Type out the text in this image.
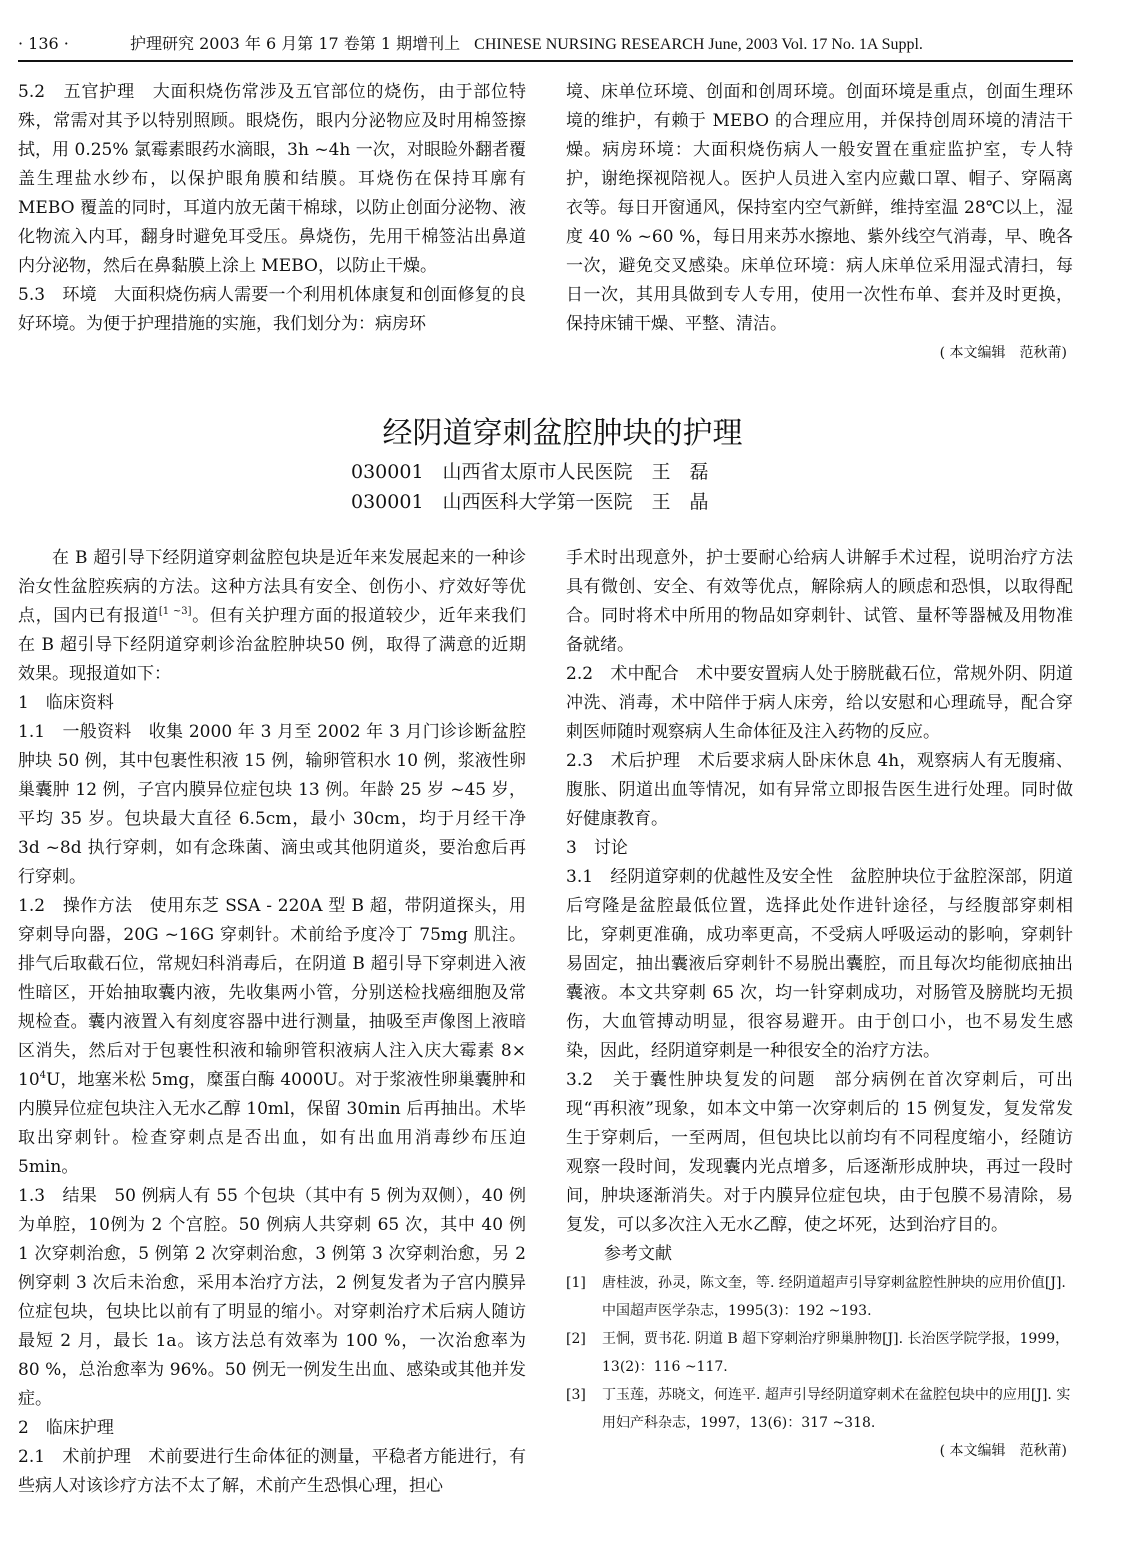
· 136 ·	护理研究 2003 年 6 月第 17 卷第 1 期增刊上 CHINESE NURSING RESEARCH June, 2003 Vol. 17 No. 1A Suppl.

5.2　五官护理　大面积烧伤常涉及五官部位的烧伤，由于部位特殊，常需对其予以特别照顾。眼烧伤，眼内分泌物应及时用棉签擦拭，用 0.25% 氯霉素眼药水滴眼，3h ~4h 一次，对眼睑外翻者覆盖生理盐水纱布，以保护眼角膜和结膜。耳烧伤在保持耳廓有 MEBO 覆盖的同时，耳道内放无菌干棉球，以防止创面分泌物、液化物流入内耳，翻身时避免耳受压。鼻烧伤，先用干棉签沾出鼻道内分泌物，然后在鼻黏膜上涂上 MEBO，以防止干燥。

5.3　环境　大面积烧伤病人需要一个利用机体康复和创面修复的良好环境。为便于护理措施的实施，我们划分为：病房环

境、床单位环境、创面和创周环境。创面环境是重点，创面生理环境的维护，有赖于 MEBO 的合理应用，并保持创周环境的清洁干燥。病房环境：大面积烧伤病人一般安置在重症监护室，专人特护，谢绝探视陪视人。医护人员进入室内应戴口罩、帽子、穿隔离衣等。每日开窗通风，保持室内空气新鲜，维持室温 28℃以上，湿度 40 % ~60 %，每日用来苏水擦地、紫外线空气消毒，早、晚各一次，避免交叉感染。床单位环境：病人床单位采用湿式清扫，每日一次，其用具做到专人专用，使用一次性布单、套并及时更换，保持床铺干燥、平整、清洁。

( 本文编辑　范秋莆)

经阴道穿刺盆腔肿块的护理
030001　山西省太原市人民医院　王　磊
030001　山西医科大学第一医院　王　晶

在 B 超引导下经阴道穿刺盆腔包块是近年来发展起来的一种诊治女性盆腔疾病的方法。这种方法具有安全、创伤小、疗效好等优点，国内已有报道[1 ~3]。但有关护理方面的报道较少，近年来我们在 B 超引导下经阴道穿刺诊治盆腔肿块50 例，取得了满意的近期效果。现报道如下：

1　临床资料

1.1　一般资料　收集 2000 年 3 月至 2002 年 3 月门诊诊断盆腔肿块 50 例，其中包裹性积液 15 例，输卵管积水 10 例，浆液性卵巢囊肿 12 例，子宫内膜异位症包块 13 例。年龄 25 岁 ~45 岁，平均 35 岁。包块最大直径 6.5cm，最小 30cm，均于月经干净 3d ~8d 执行穿刺，如有念珠菌、滴虫或其他阴道炎，要治愈后再行穿刺。

1.2　操作方法　使用东芝 SSA - 220A 型 B 超，带阴道探头，用穿刺导向器，20G ~16G 穿刺针。术前给予度冷丁 75mg 肌注。排气后取截石位，常规妇科消毒后，在阴道 B 超引导下穿刺进入液性暗区，开始抽取囊内液，先收集两小管，分别送检找癌细胞及常规检查。囊内液置入有刻度容器中进行测量，抽吸至声像图上液暗区消失，然后对于包裹性积液和输卵管积液病人注入庆大霉素 $8\times 10^4U$，地塞米松 5mg，糜蛋白酶 4000U。对于浆液性卵巢囊肿和内膜异位症包块注入无水乙醇 10ml，保留 30min 后再抽出。术毕取出穿刺针。检查穿刺点是否出血，如有出血用消毒纱布压迫 5min。

1.3　结果　50 例病人有 55 个包块（其中有 5 例为双侧），40 例为单腔，10例为 2 个宫腔。50 例病人共穿刺 65 次，其中 40 例 1 次穿刺治愈，5 例第 2 次穿刺治愈，3 例第 3 次穿刺治愈，另 2 例穿刺 3 次后未治愈，采用本治疗方法，2 例复发者为子宫内膜异位症包块，包块比以前有了明显的缩小。对穿刺治疗术后病人随访最短 2 月，最长 1a。该方法总有效率为 100 %，一次治愈率为 80 %，总治愈率为 96%。50 例无一例发生出血、感染或其他并发症。

2　临床护理

2.1　术前护理　术前要进行生命体征的测量，平稳者方能进行，有些病人对该诊疗方法不太了解，术前产生恐惧心理，担心

手术时出现意外，护士要耐心给病人讲解手术过程，说明治疗方法具有微创、安全、有效等优点，解除病人的顾虑和恐惧，以取得配合。同时将术中所用的物品如穿刺针、试管、量杯等器械及用物准备就绪。

2.2　术中配合　术中要安置病人处于膀胱截石位，常规外阴、阴道冲洗、消毒，术中陪伴于病人床旁，给以安慰和心理疏导，配合穿刺医师随时观察病人生命体征及注入药物的反应。

2.3　术后护理　术后要求病人卧床休息 4h，观察病人有无腹痛、腹胀、阴道出血等情况，如有异常立即报告医生进行处理。同时做好健康教育。

3　讨论

3.1　经阴道穿刺的优越性及安全性　盆腔肿块位于盆腔深部，阴道后穹隆是盆腔最低位置，选择此处作进针途径，与经腹部穿刺相比，穿刺更准确，成功率更高，不受病人呼吸运动的影响，穿刺针易固定，抽出囊液后穿刺针不易脱出囊腔，而且每次均能彻底抽出囊液。本文共穿刺 65 次，均一针穿刺成功，对肠管及膀胱均无损伤，大血管搏动明显，很容易避开。由于创口小，也不易发生感染，因此，经阴道穿刺是一种很安全的治疗方法。

3.2　关于囊性肿块复发的问题　部分病例在首次穿刺后，可出现“再积液”现象，如本文中第一次穿刺后的 15 例复发，复发常发生于穿刺后，一至两周，但包块比以前均有不同程度缩小，经随访观察一段时间，发现囊内光点增多，后逐渐形成肿块，再过一段时间，肿块逐渐消失。对于内膜异位症包块，由于包膜不易清除，易复发，可以多次注入无水乙醇，使之坏死，达到治疗目的。

参考文献

[1]	唐桂波，孙灵，陈文奎，等. 经阴道超声引导穿刺盆腔性肿块的应用价值[J]. 中国超声医学杂志，1995(3)：192 ~193.
[2]	王恫，贾书花. 阴道 B 超下穿刺治疗卵巢肿物[J]. 长治医学院学报，1999，13(2)：116 ~117.
[3]	丁玉莲，苏晓文，何连平. 超声引导经阴道穿刺术在盆腔包块中的应用[J]. 实用妇产科杂志，1997，13(6)：317 ~318.

( 本文编辑　范秋莆)
